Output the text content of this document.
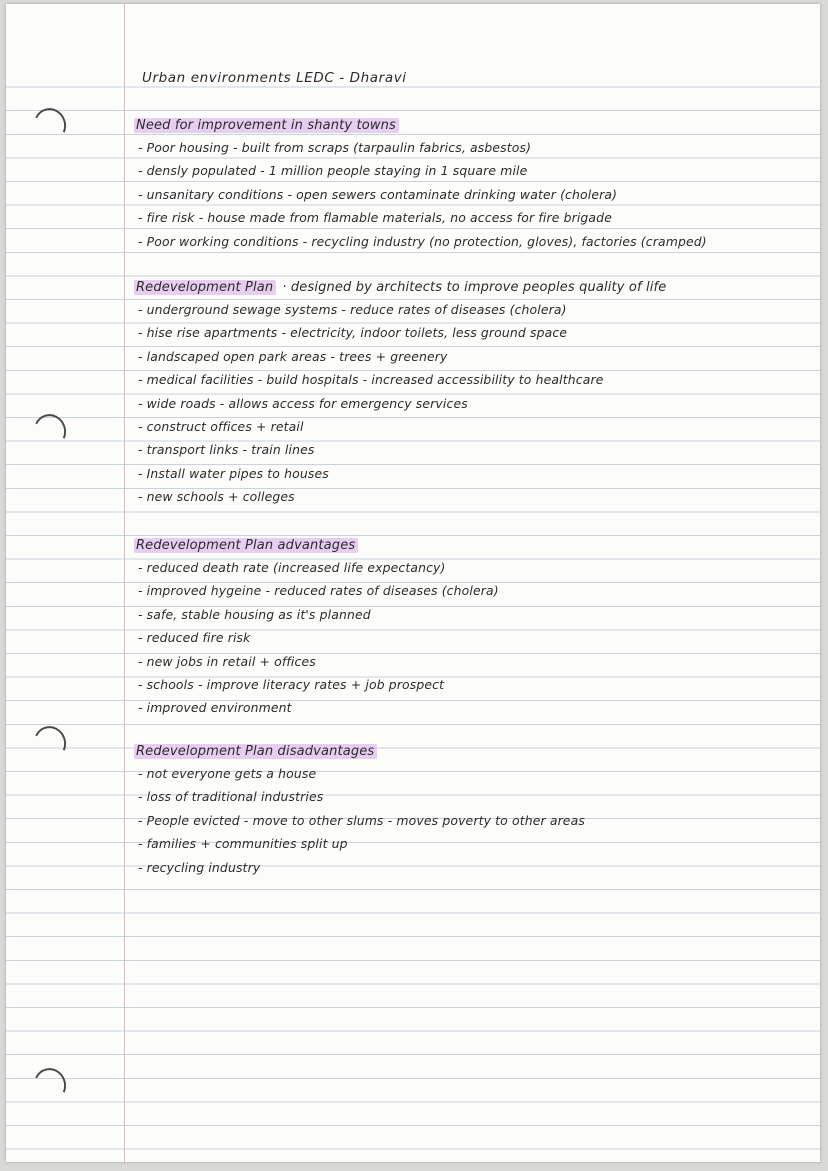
Urban environments LEDC - Dharavi
Need for improvement in shanty towns
- Poor housing - built from scraps (tarpaulin fabrics, asbestos)
- densly populated - 1 million people staying in 1 square mile
- unsanitary conditions - open sewers contaminate drinking water (cholera)
- fire risk - house made from flamable materials, no access for fire brigade
- Poor working conditions - recycling industry (no protection, gloves), factories (cramped)
Redevelopment Plan · designed by architects to improve peoples quality of life
- underground sewage systems - reduce rates of diseases (cholera)
- hise rise apartments - electricity, indoor toilets, less ground space
- landscaped open park areas - trees + greenery
- medical facilities - build hospitals - increased accessibility to healthcare
- wide roads - allows access for emergency services
- construct offices + retail
- transport links - train lines
- Install water pipes to houses
- new schools + colleges
Redevelopment Plan advantages
- reduced death rate (increased life expectancy)
- improved hygeine - reduced rates of diseases (cholera)
- safe, stable housing as it's planned
- reduced fire risk
- new jobs in retail + offices
- schools - improve literacy rates + job prospect
- improved environment
Redevelopment Plan disadvantages
- not everyone gets a house
- loss of traditional industries
- People evicted - move to other slums - moves poverty to other areas
- families + communities split up
- recycling industry
